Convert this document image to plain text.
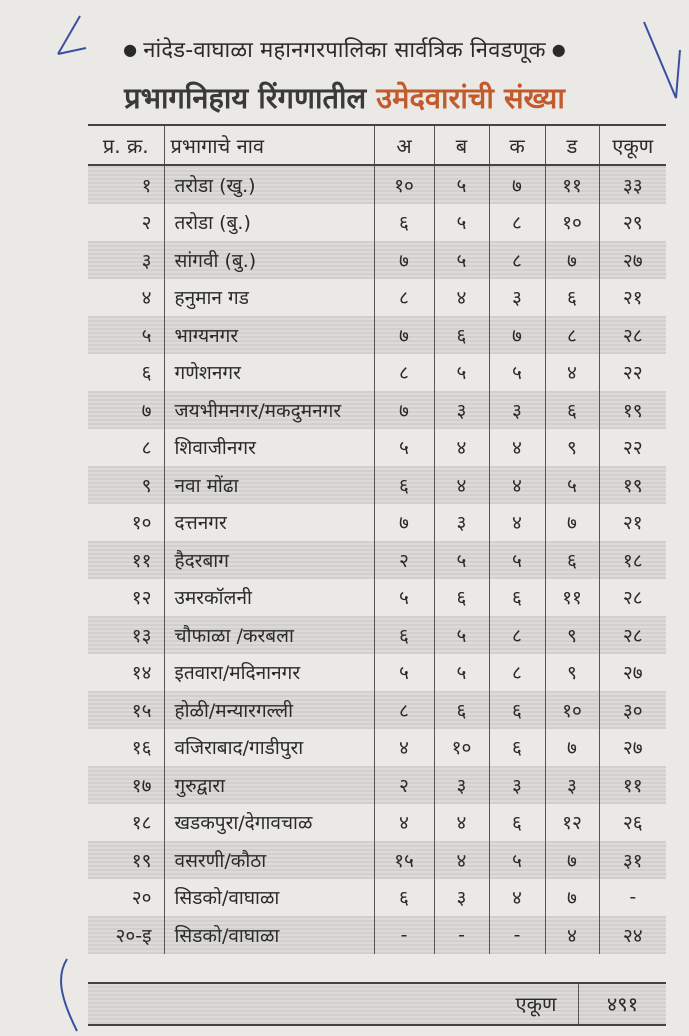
● नांदेड-वाघाळा महानगरपालिका सार्वत्रिक निवडणूक ●
प्रभागनिहाय रिंगणातील उमेदवारांची संख्या
प्र. क्र.	प्रभागाचे नाव	अ	ब	क	ड	एकूण
१	तरोडा (खु.)	१०	५	७	११	३३
२	तरोडा (बु.)	६	५	८	१०	२९
३	सांगवी (बु.)	७	५	८	७	२७
४	हनुमान गड	८	४	३	६	२१
५	भाग्यनगर	७	६	७	८	२८
६	गणेशनगर	८	५	५	४	२२
७	जयभीमनगर/मकदुमनगर	७	३	३	६	१९
८	शिवाजीनगर	५	४	४	९	२२
९	नवा मोंढा	६	४	४	५	१९
१०	दत्तनगर	७	३	४	७	२१
११	हैदरबाग	२	५	५	६	१८
१२	उमरकॉलनी	५	६	६	११	२८
१३	चौफाळा /करबला	६	५	८	९	२८
१४	इतवारा/मदिनानगर	५	५	८	९	२७
१५	होळी/मन्यारगल्ली	८	६	६	१०	३०
१६	वजिराबाद/गाडीपुरा	४	१०	६	७	२७
१७	गुरुद्वारा	२	३	३	३	११
१८	खडकपुरा/देगावचाळ	४	४	६	१२	२६
१९	वसरणी/कौठा	१५	४	५	७	३१
२०	सिडको/वाघाळा	६	३	४	७	-
२०-इ	सिडको/वाघाळा	-	-	-	४	२४
एकूण	४९१
